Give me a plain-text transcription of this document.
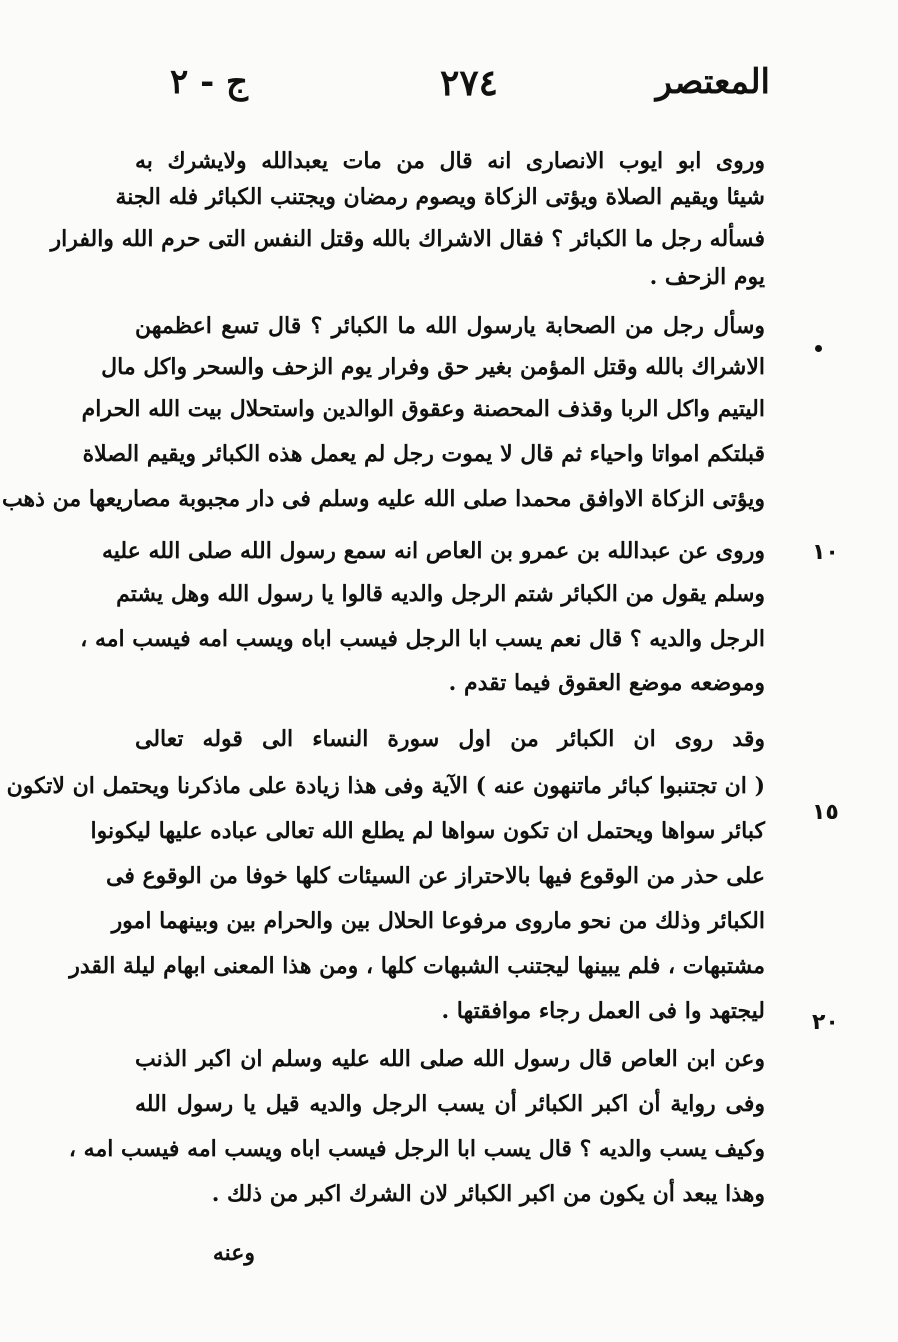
ج - ٢	٢٧٤	المعتصر
وروى ابو ايوب الانصارى انه قال من مات يعبدالله ولايشرك به
شيئا ويقيم الصلاة ويؤتى الزكاة ويصوم رمضان ويجتنب الكبائر فله الجنة
فسأله رجل ما الكبائر ؟ فقال الاشراك بالله وقتل النفس التى حرم الله والفرار
يوم الزحف .
وسأل رجل من الصحابة يارسول الله ما الكبائر ؟ قال تسع اعظمهن
الاشراك بالله وقتل المؤمن بغير حق وفرار يوم الزحف والسحر واكل مال
اليتيم واكل الربا وقذف المحصنة وعقوق الوالدين واستحلال بيت الله الحرام
قبلتكم امواتا واحياء ثم قال لا يموت رجل لم يعمل هذه الكبائر ويقيم الصلاة
ويؤتى الزكاة الاوافق محمدا صلى الله عليه وسلم فى دار مجبوبة مصاريعها من ذهب
وروى عن عبدالله بن عمرو بن العاص انه سمع رسول الله صلى الله عليه
وسلم يقول من الكبائر شتم الرجل والديه قالوا يا رسول الله وهل يشتم
الرجل والديه ؟ قال نعم يسب ابا الرجل فيسب اباه ويسب امه فيسب امه ،
وموضعه موضع العقوق فيما تقدم .
وقد روى ان الكبائر من اول سورة النساء الى قوله تعالى
( ان تجتنبوا كبائر ماتنهون عنه ) الآية وفى هذا زيادة على ماذكرنا ويحتمل ان لاتكون
كبائر سواها ويحتمل ان تكون سواها لم يطلع الله تعالى عباده عليها ليكونوا
على حذر من الوقوع فيها بالاحتراز عن السيئات كلها خوفا من الوقوع فى
الكبائر وذلك من نحو ماروى مرفوعا الحلال بين والحرام بين وبينهما امور
مشتبهات ، فلم يبينها ليجتنب الشبهات كلها ، ومن هذا المعنى ابهام ليلة القدر
ليجتهد وا فى العمل رجاء موافقتها .
وعن ابن العاص قال رسول الله صلى الله عليه وسلم ان اكبر الذنب
وفى رواية أن اكبر الكبائر أن يسب الرجل والديه قيل يا رسول الله
وكيف يسب والديه ؟ قال يسب ابا الرجل فيسب اباه ويسب امه فيسب امه ،
وهذا يبعد أن يكون من اكبر الكبائر لان الشرك اكبر من ذلك .
وعنه
١٠
١٥
٢٠
